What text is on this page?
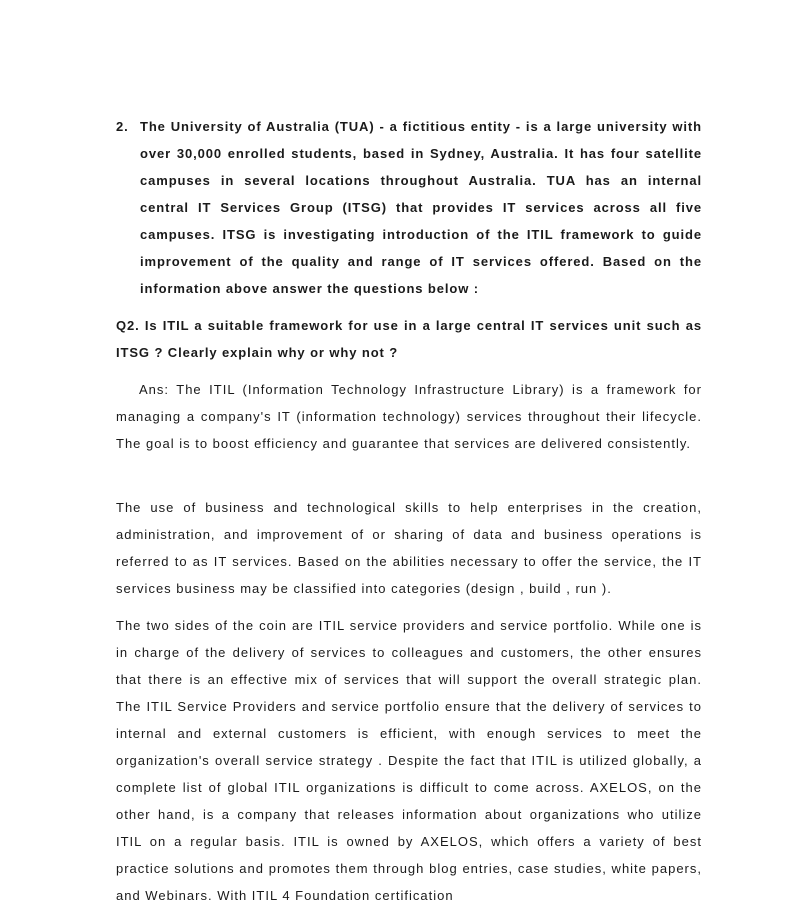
2. The University of Australia (TUA) - a fictitious entity - is a large university with over 30,000 enrolled students, based in Sydney, Australia. It has four satellite campuses in several locations throughout Australia. TUA has an internal central IT Services Group (ITSG) that provides IT services across all five campuses. ITSG is investigating introduction of the ITIL framework to guide improvement of the quality and range of IT services offered. Based on the information above answer the questions below :
Q2. Is ITIL a suitable framework for use in a large central IT services unit such as ITSG ? Clearly explain why or why not ?
Ans: The ITIL (Information Technology Infrastructure Library) is a framework for managing a company's IT (information technology) services throughout their lifecycle. The goal is to boost efficiency and guarantee that services are delivered consistently.
The use of business and technological skills to help enterprises in the creation, administration, and improvement of or sharing of data and business operations is referred to as IT services. Based on the abilities necessary to offer the service, the IT services business may be classified into categories (design , build , run ).
The two sides of the coin are ITIL service providers and service portfolio. While one is in charge of the delivery of services to colleagues and customers, the other ensures that there is an effective mix of services that will support the overall strategic plan. The ITIL Service Providers and service portfolio ensure that the delivery of services to internal and external customers is efficient, with enough services to meet the organization's overall service strategy . Despite the fact that ITIL is utilized globally, a complete list of global ITIL organizations is difficult to come across. AXELOS, on the other hand, is a company that releases information about organizations who utilize ITIL on a regular basis. ITIL is owned by AXELOS, which offers a variety of best practice solutions and promotes them through blog entries, case studies, white papers, and Webinars. With ITIL 4 Foundation certification
